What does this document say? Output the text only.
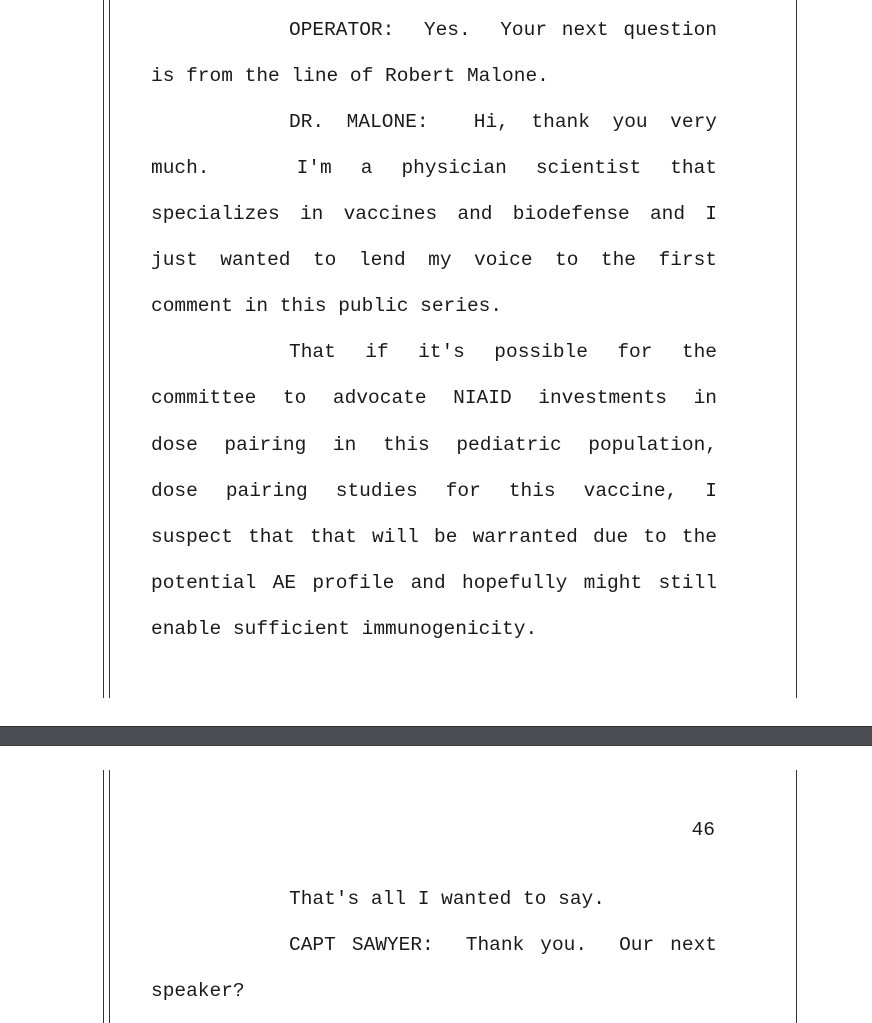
OPERATOR:  Yes.  Your next question
is from the line of Robert Malone.
DR. MALONE:  Hi, thank you very
much.   I'm a physician scientist that
specializes in vaccines and biodefense and I
just wanted to lend my voice to the first
comment in this public series.
That if it's possible for the
committee to advocate NIAID investments in
dose pairing in this pediatric population,
dose pairing studies for this vaccine, I
suspect that that will be warranted due to the
potential AE profile and hopefully might still
enable sufficient immunogenicity.
46
That's all I wanted to say.
CAPT SAWYER:  Thank you.  Our next
speaker?
